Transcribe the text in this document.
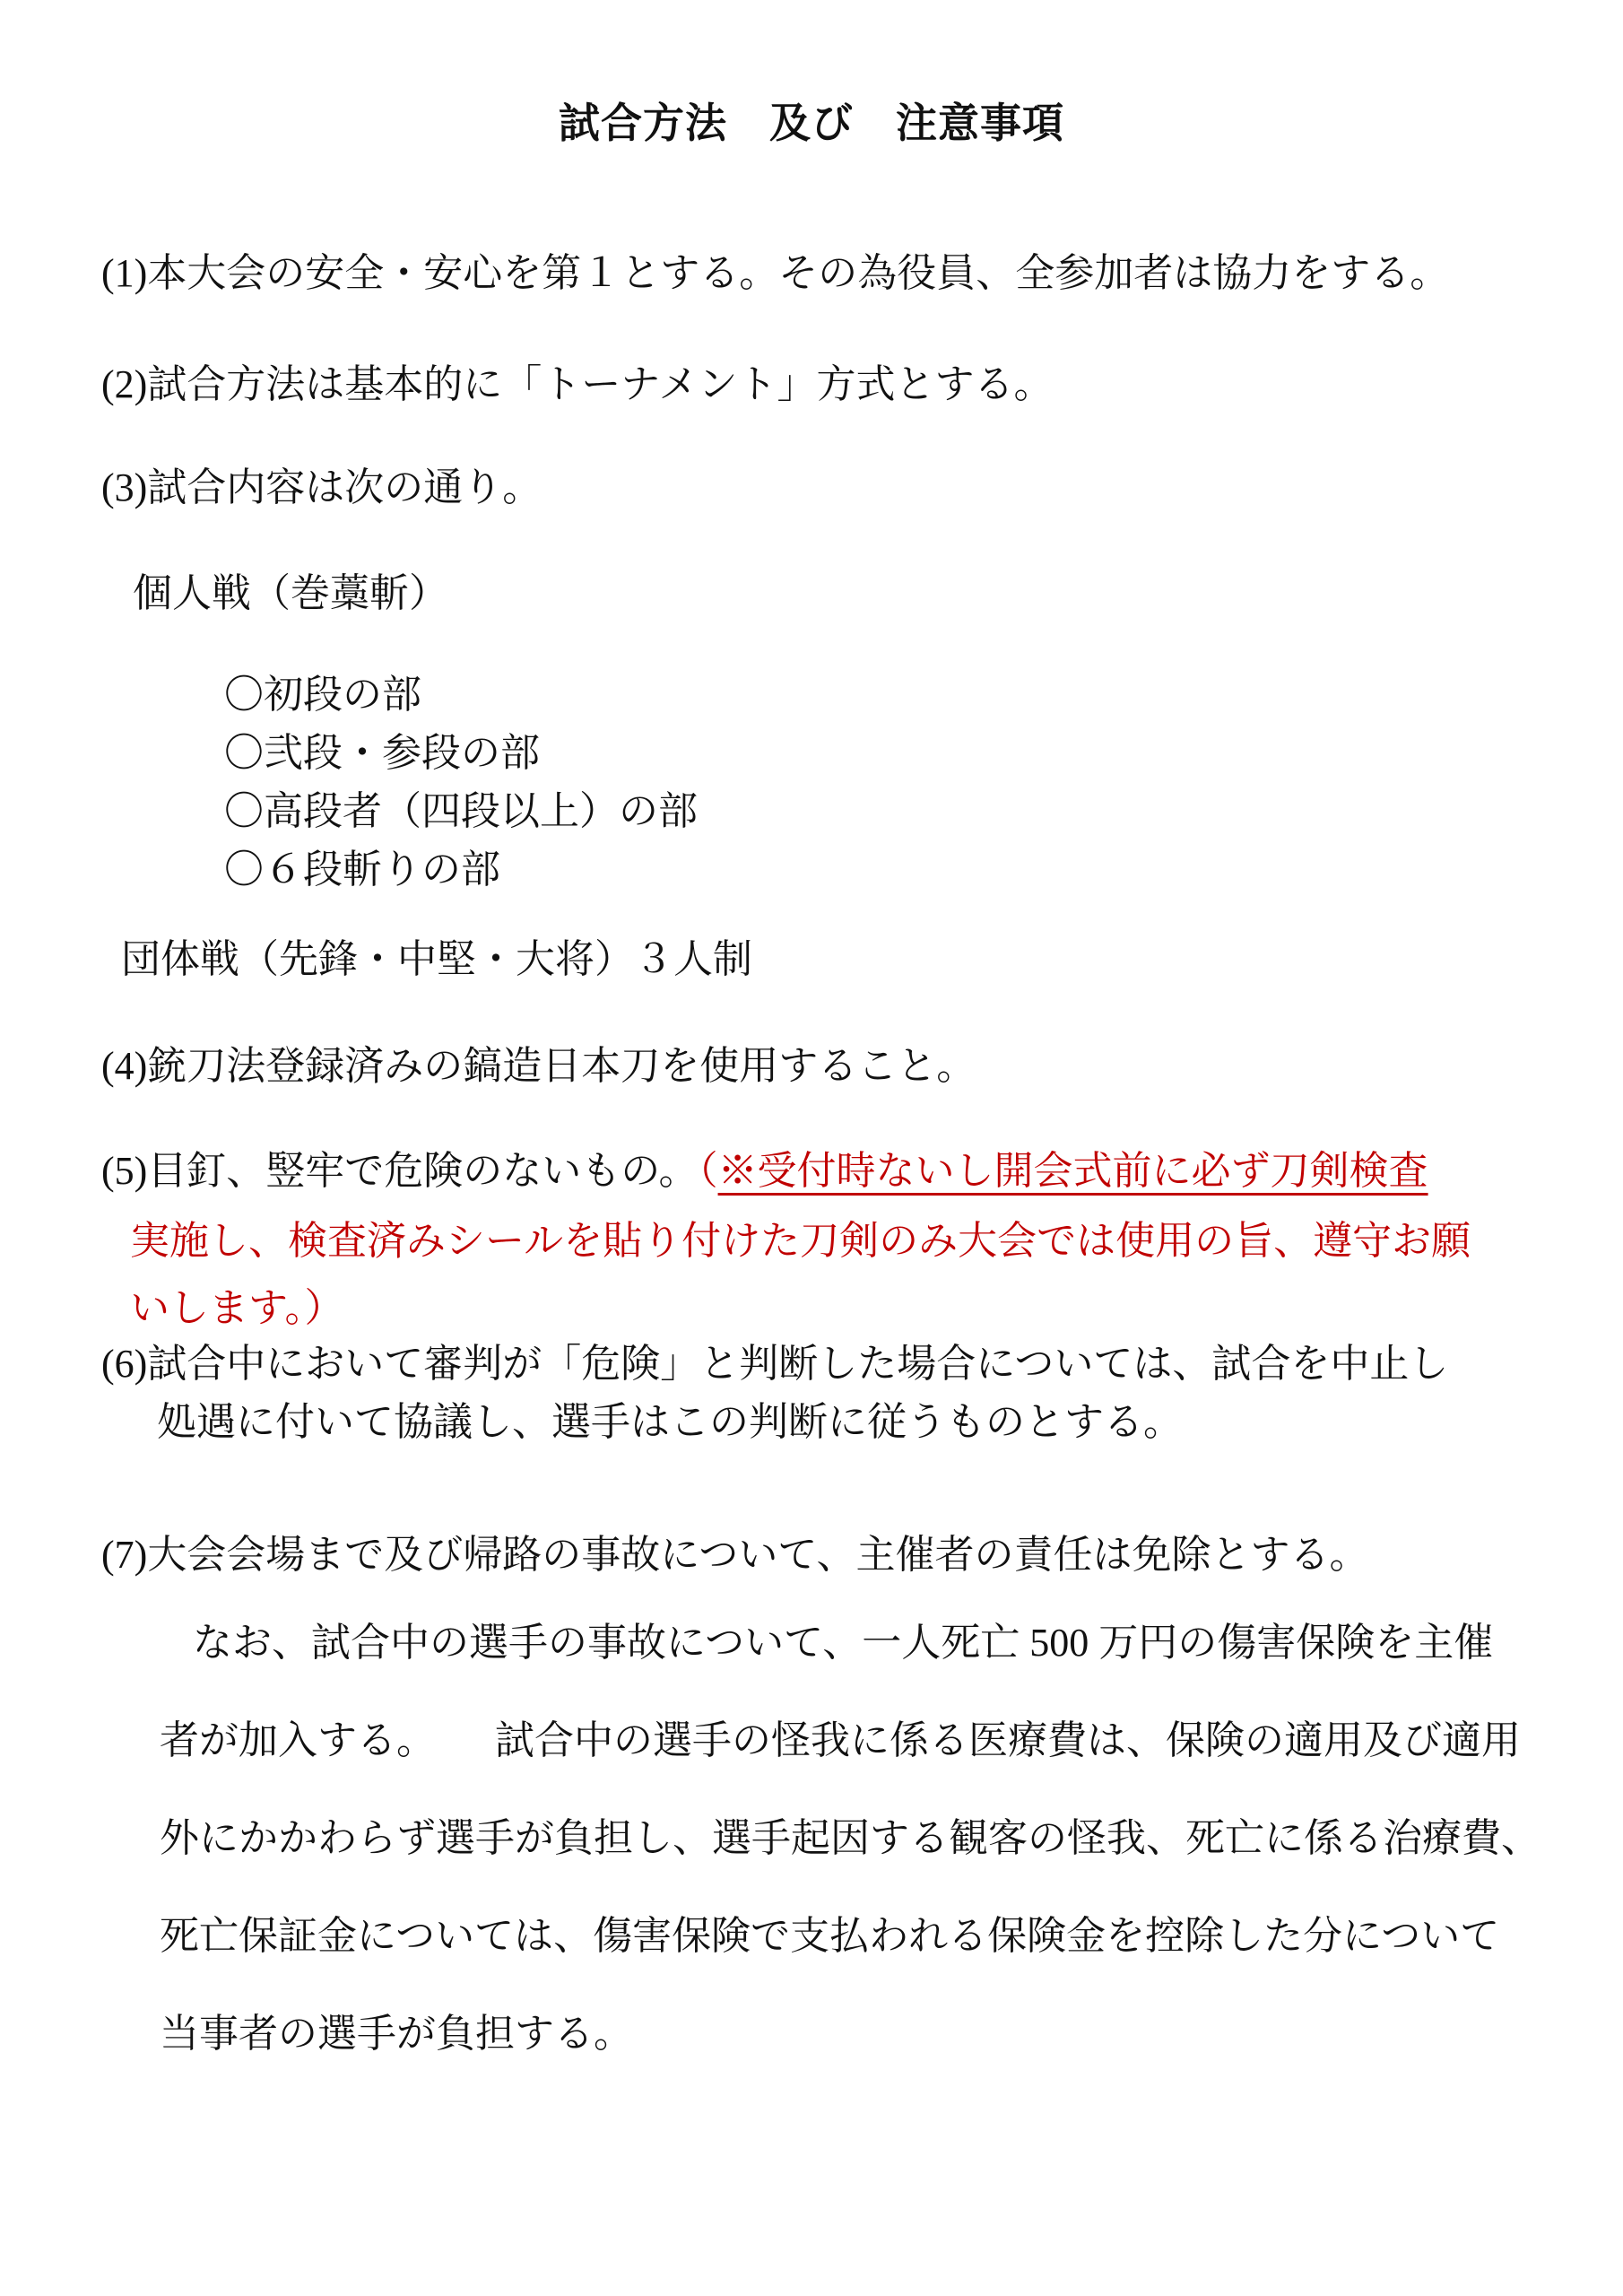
試合方法　及び　注意事項
(1)本大会の安全・安心を第１とする。その為役員、全参加者は協力をする。
(2)試合方法は基本的に「トーナメント」方式とする。
(3)試合内容は次の通り。
個人戦（巻藁斬）
〇初段の部
〇弐段・参段の部
〇高段者（四段以上）の部
〇６段斬りの部
団体戦（先鋒・中堅・大将）３人制
(4)銃刀法登録済みの鎬造日本刀を使用すること。
(5)目釘、竪牢で危険のないもの。（※受付時ないし開会式前に必ず刀剣検査
実施し、検査済みシールを貼り付けた刀剣のみ大会では使用の旨、遵守お願
いします。）
(6)試合中において審判が「危険」と判断した場合については、試合を中止し
処遇に付いて協議し、選手はこの判断に従うものとする。
(7)大会会場まで及び帰路の事故について、主催者の責任は免除とする。
なお、試合中の選手の事故について、一人死亡 500 万円の傷害保険を主催
者が加入する。　　試合中の選手の怪我に係る医療費は、保険の適用及び適用
外にかかわらず選手が負担し、選手起因する観客の怪我、死亡に係る治療費、
死亡保証金については、傷害保険で支払われる保険金を控除した分について
当事者の選手が負担する。
